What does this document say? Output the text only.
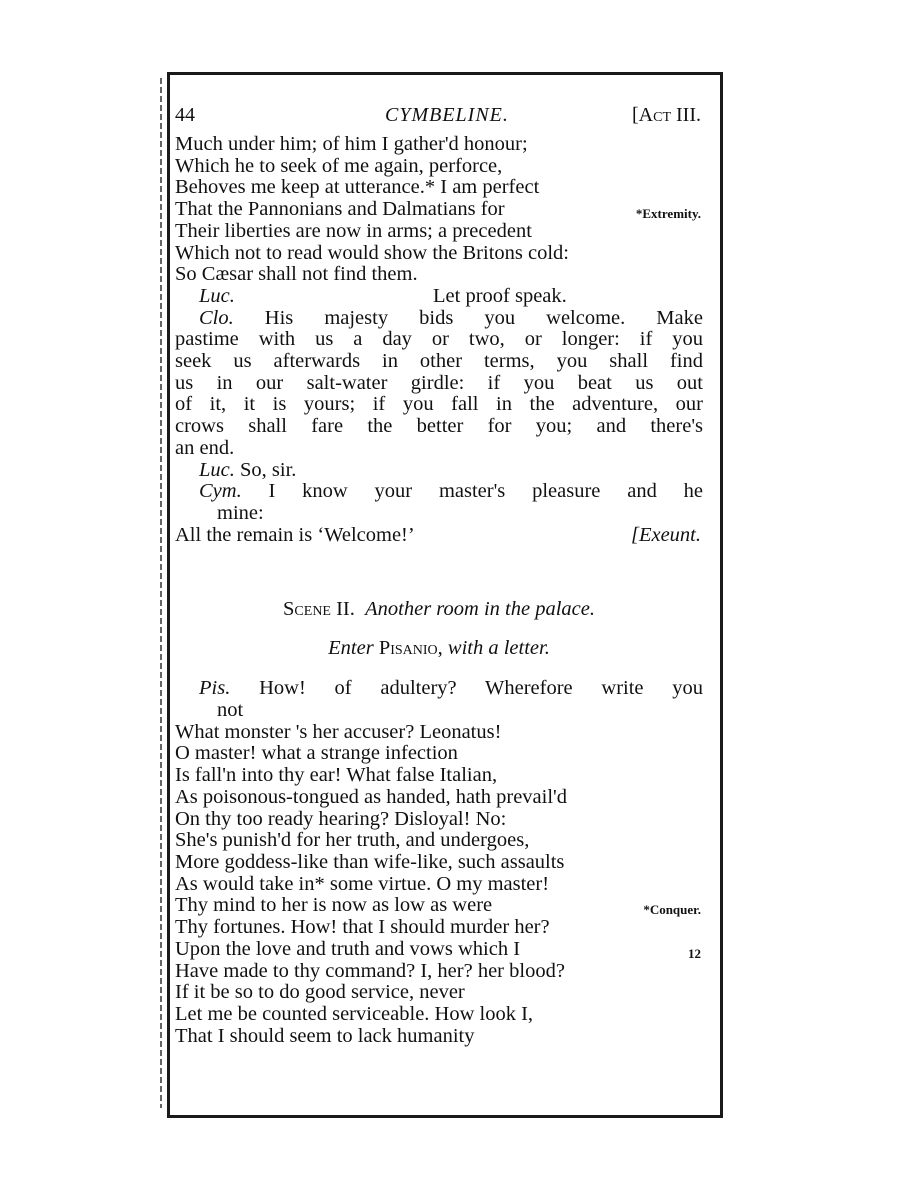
44	CYMBELINE.	[Act III.
Much under him; of him I gather'd honour;
Which he to seek of me again, perforce,
Behoves me keep at utterance.* I am perfect
That the Pannonians and Dalmatians for	*Extremity.
Their liberties are now in arms; a precedent
Which not to read would show the Britons cold:
So Cæsar shall not find them.
Luc.	Let proof speak.
Clo. His majesty bids you welcome. Make
pastime with us a day or two, or longer: if you
seek us afterwards in other terms, you shall find
us in our salt-water girdle: if you beat us out
of it, it is yours; if you fall in the adventure, our
crows shall fare the better for you; and there's
an end.
Luc. So, sir.
Cym. I know your master's pleasure and he
mine:
All the remain is ‘Welcome!’	[Exeunt.
Scene II. Another room in the palace.
Enter Pisanio, with a letter.
Pis. How! of adultery? Wherefore write you
not
What monster 's her accuser? Leonatus!
O master! what a strange infection
Is fall'n into thy ear! What false Italian,
As poisonous-tongued as handed, hath prevail'd
On thy too ready hearing? Disloyal! No:
She's punish'd for her truth, and undergoes,
More goddess-like than wife-like, such assaults
As would take in* some virtue. O my master!
Thy mind to her is now as low as were	*Conquer.
Thy fortunes. How! that I should murder her?
Upon the love and truth and vows which I	12
Have made to thy command? I, her? her blood?
If it be so to do good service, never
Let me be counted serviceable. How look I,
That I should seem to lack humanity
